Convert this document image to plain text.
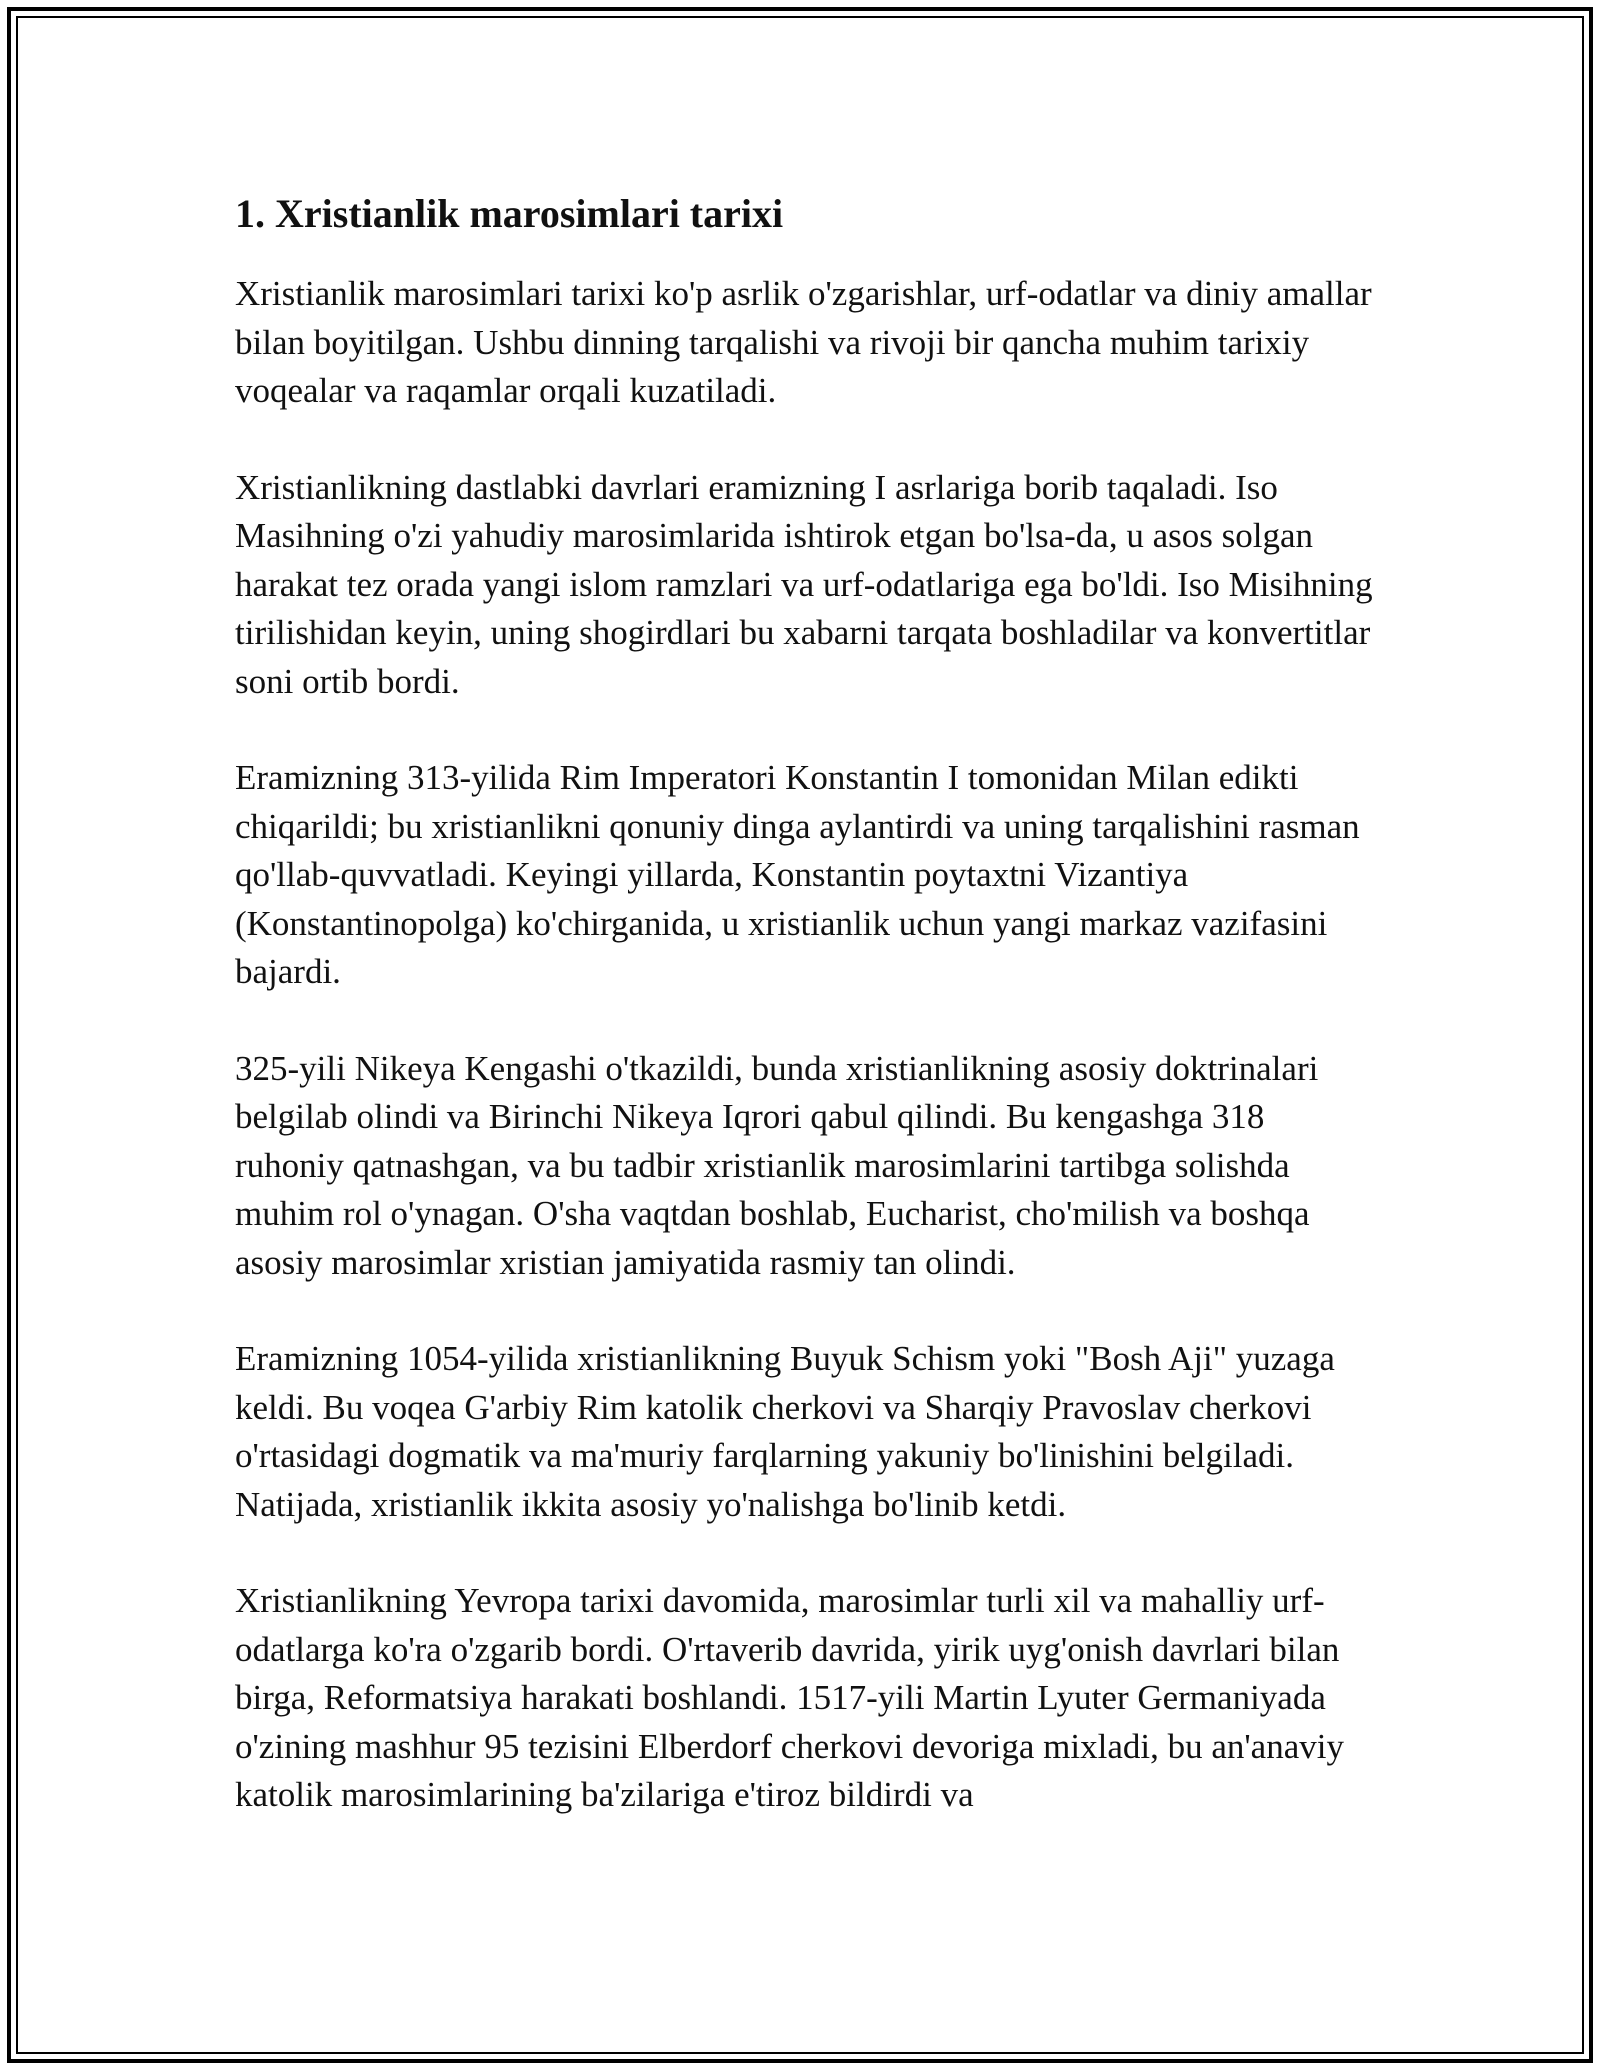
1. Xristianlik marosimlari tarixi

Xristianlik marosimlari tarixi ko'p asrlik o'zgarishlar, urf-odatlar va diniy amallar bilan boyitilgan. Ushbu dinning tarqalishi va rivoji bir qancha muhim tarixiy voqealar va raqamlar orqali kuzatiladi.

Xristianlikning dastlabki davrlari eramizning I asrlariga borib taqaladi. Iso Masihning o'zi yahudiy marosimlarida ishtirok etgan bo'lsa-da, u asos solgan harakat tez orada yangi islom ramzlari va urf-odatlariga ega bo'ldi. Iso Misihning tirilishidan keyin, uning shogirdlari bu xabarni tarqata boshladilar va konvertitlar soni ortib bordi.

Eramizning 313-yilida Rim Imperatori Konstantin I tomonidan Milan edikti chiqarildi; bu xristianlikni qonuniy dinga aylantirdi va uning tarqalishini rasman qo'llab-quvvatladi. Keyingi yillarda, Konstantin poytaxtni Vizantiya (Konstantinopolga) ko'chirganida, u xristianlik uchun yangi markaz vazifasini bajardi.

325-yili Nikeya Kengashi o'tkazildi, bunda xristianlikning asosiy doktrinalari belgilab olindi va Birinchi Nikeya Iqrori qabul qilindi. Bu kengashga 318 ruhoniy qatnashgan, va bu tadbir xristianlik marosimlarini tartibga solishda muhim rol o'ynagan. O'sha vaqtdan boshlab, Eucharist, cho'milish va boshqa asosiy marosimlar xristian jamiyatida rasmiy tan olindi.

Eramizning 1054-yilida xristianlikning Buyuk Schism yoki "Bosh Aji" yuzaga keldi. Bu voqea G'arbiy Rim katolik cherkovi va Sharqiy Pravoslav cherkovi o'rtasidagi dogmatik va ma'muriy farqlarning yakuniy bo'linishini belgiladi. Natijada, xristianlik ikkita asosiy yo'nalishga bo'linib ketdi.

Xristianlikning Yevropa tarixi davomida, marosimlar turli xil va mahalliy urf-odatlarga ko'ra o'zgarib bordi. O'rtaverib davrida, yirik uyg'onish davrlari bilan birga, Reformatsiya harakati boshlandi. 1517-yili Martin Lyuter Germaniyada o'zining mashhur 95 tezisini Elberdorf cherkovi devoriga mixladi, bu an'anaviy katolik marosimlarining ba'zilariga e'tiroz bildirdi va
